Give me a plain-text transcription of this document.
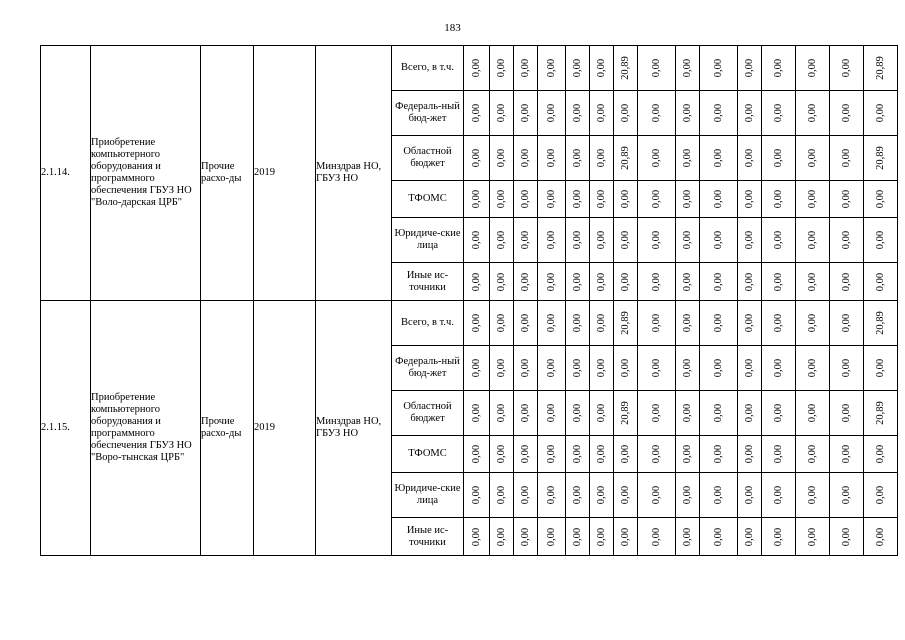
183
2.1.14.	Приобретение компьютерного оборудования и программного обеспечения ГБУЗ НО "Воло-дарская ЦРБ"	Прочие расхо-ды	2019	Минздрав НО, ГБУЗ НО	Всего, в т.ч.	0,00	0,00	0,00	0,00	0,00	0,00	20,89	0,00	0,00	0,00	0,00	0,00	0,00	0,00	20,89

					Федераль-ный бюд-жет	0,00	0,00	0,00	0,00	0,00	0,00	0,00	0,00	0,00	0,00	0,00	0,00	0,00	0,00	0,00

					Областной бюджет	0,00	0,00	0,00	0,00	0,00	0,00	20,89	0,00	0,00	0,00	0,00	0,00	0,00	0,00	20,89

					ТФОМС	0,00	0,00	0,00	0,00	0,00	0,00	0,00	0,00	0,00	0,00	0,00	0,00	0,00	0,00	0,00

					Юридиче-ские лица	0,00	0,00	0,00	0,00	0,00	0,00	0,00	0,00	0,00	0,00	0,00	0,00	0,00	0,00	0,00

					Иные ис-точники	0,00	0,00	0,00	0,00	0,00	0,00	0,00	0,00	0,00	0,00	0,00	0,00	0,00	0,00	0,00

2.1.15.	Приобретение компьютерного оборудования и программного обеспечения ГБУЗ НО "Воро-тынская ЦРБ"	Прочие расхо-ды	2019	Минздрав НО, ГБУЗ НО	Всего, в т.ч.	0,00	0,00	0,00	0,00	0,00	0,00	20,89	0,00	0,00	0,00	0,00	0,00	0,00	0,00	20,89

					Федераль-ный бюд-жет	0,00	0,00	0,00	0,00	0,00	0,00	0,00	0,00	0,00	0,00	0,00	0,00	0,00	0,00	0,00

					Областной бюджет	0,00	0,00	0,00	0,00	0,00	0,00	20,89	0,00	0,00	0,00	0,00	0,00	0,00	0,00	20,89

					ТФОМС	0,00	0,00	0,00	0,00	0,00	0,00	0,00	0,00	0,00	0,00	0,00	0,00	0,00	0,00	0,00

					Юридиче-ские лица	0,00	0,00	0,00	0,00	0,00	0,00	0,00	0,00	0,00	0,00	0,00	0,00	0,00	0,00	0,00

					Иные ис-точники	0,00	0,00	0,00	0,00	0,00	0,00	0,00	0,00	0,00	0,00	0,00	0,00	0,00	0,00	0,00
